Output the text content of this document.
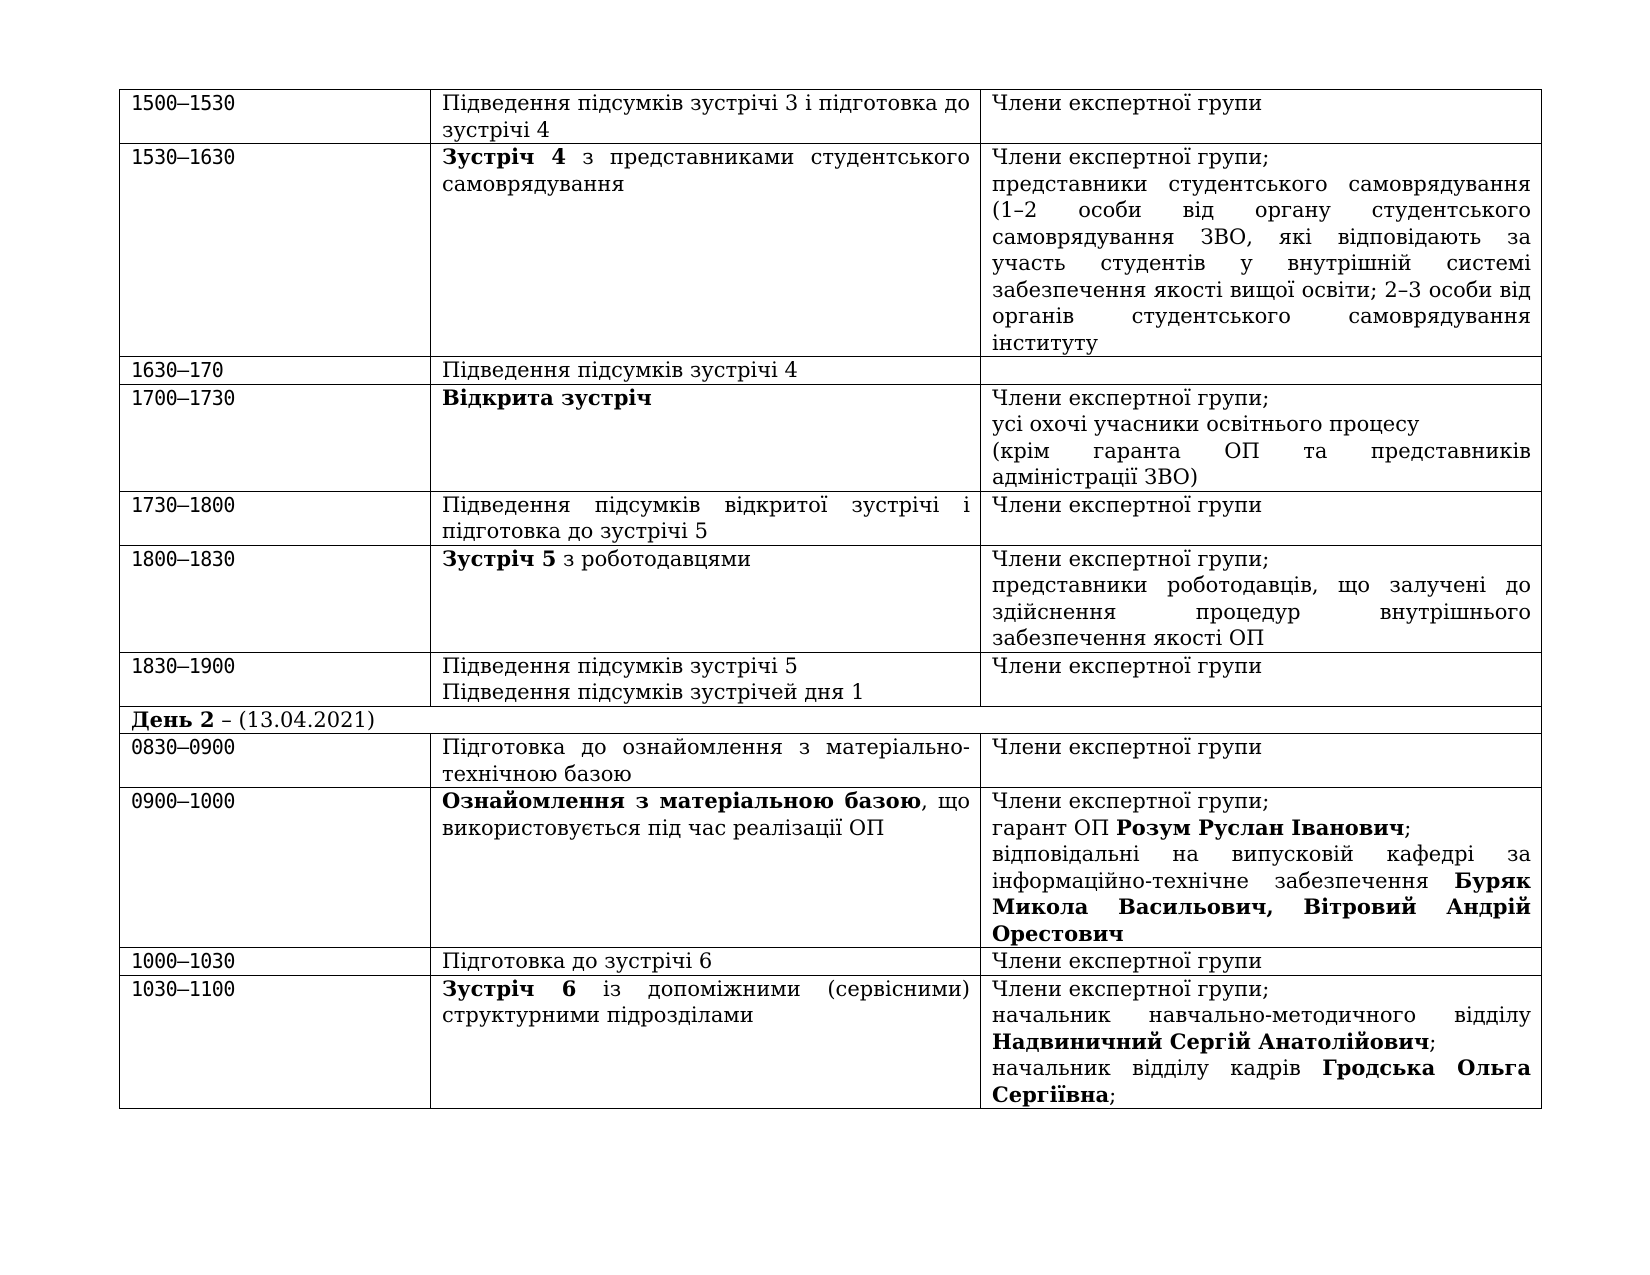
1500–1530	Підведення підсумків зустрічі 3 і підготовка до зустрічі 4	Члени експертної групи

1530–1630	Зустріч 4 з представниками студентського самоврядування	Члени експертної групи;
представники студентського самоврядування (1–2 особи від органу студентського самоврядування ЗВО, які відповідають за участь студентів у внутрішній системі забезпечення якості вищої освіти; 2–3 особи від органів студентського самоврядування інституту

1630–170	Підведення підсумків зустрічі 4	
1700–1730	Відкрита зустріч	Члени експертної групи;
усі охочі учасники освітнього процесу
(крім гаранта ОП та представників адміністрації ЗВО)

1730–1800	Підведення підсумків відкритої зустрічі і підготовка до зустрічі 5	Члени експертної групи

1800–1830	Зустріч 5 з роботодавцями	Члени експертної групи;
представники роботодавців, що залучені до здійснення процедур внутрішнього забезпечення якості ОП

1830–1900	Підведення підсумків зустрічі 5
Підведення підсумків зустрічей дня 1	Члени експертної групи

День 2 – (13.04.2021)		
0830–0900	Підготовка до ознайомлення з матеріально-технічною базою	Члени експертної групи
0900–1000	Ознайомлення з матеріальною базою, що використовується під час реалізації ОП	Члени експертної групи;
гарант ОП Розум Руслан Іванович;
відповідальні на випусковій кафедрі за інформаційно-технічне забезпечення Буряк Микола Васильович, Вітровий Андрій Орестович

1000–1030	Підготовка до зустрічі 6	Члени експертної групи
1030–1100	Зустріч 6 із допоміжними (сервісними) структурними підрозділами	Члени експертної групи;
начальник навчально-методичного відділу Надвиничний Сергій Анатолійович;
начальник відділу кадрів Гродська Ольга Сергіївна;
